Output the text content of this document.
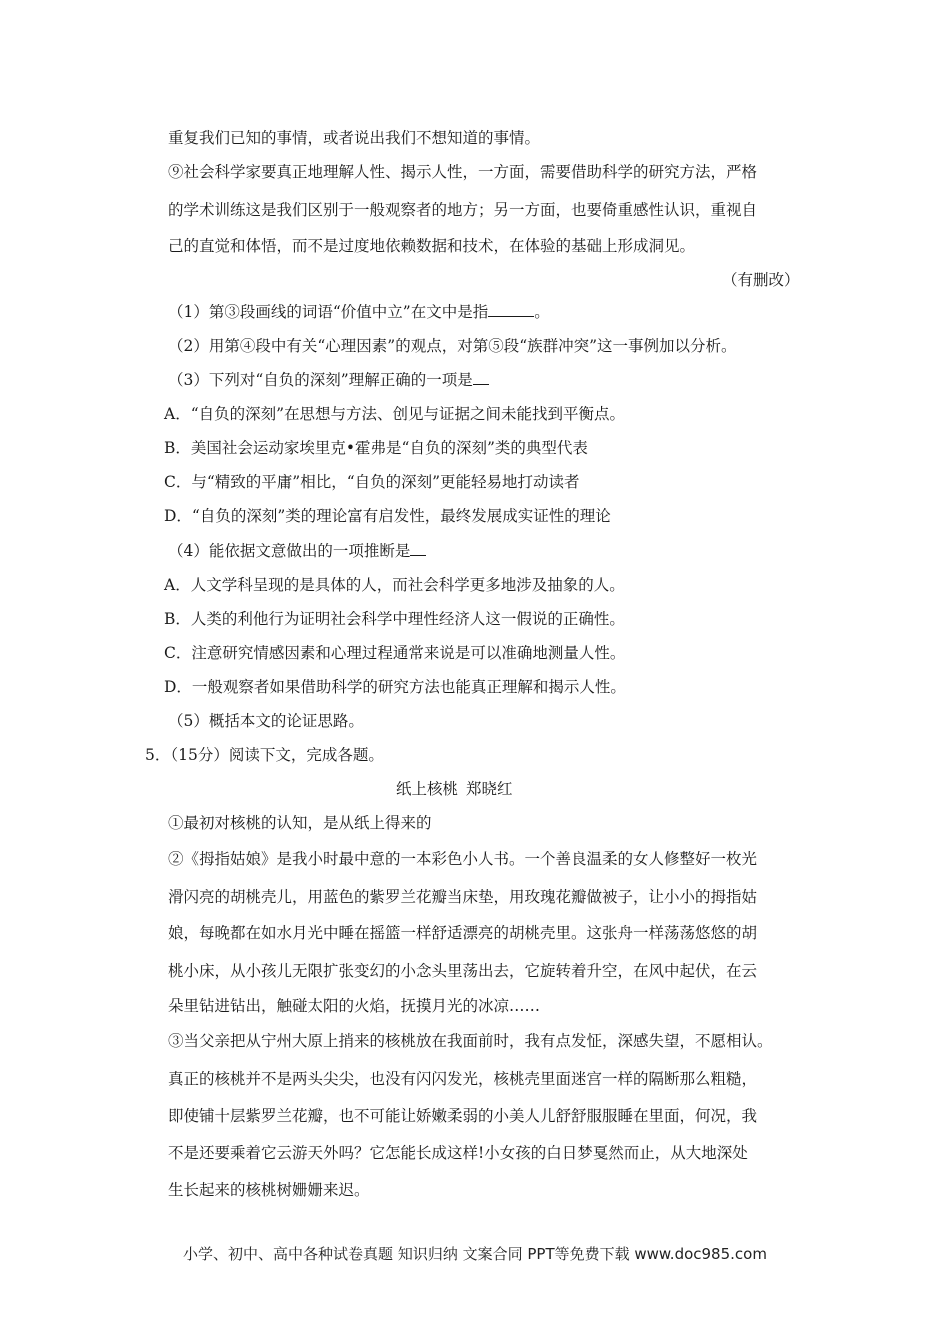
重复我们已知的事情，或者说出我们不想知道的事情。
⑨社会科学家要真正地理解人性、揭示人性，一方面，需要借助科学的研究方法，严格
的学术训练这是我们区别于一般观察者的地方；另一方面，也要倚重感性认识，重视自
己的直觉和体悟，而不是过度地依赖数据和技术，在体验的基础上形成洞见。
（有删改）
（1）第③段画线的词语“价值中立”在文中是指	。
（2）用第④段中有关“心理因素”的观点，对第⑤段“族群冲突”这一事例加以分析。
（3）下列对“自负的深刻”理解正确的一项是
A．“自负的深刻”在思想与方法、创见与证据之间未能找到平衡点。
B．美国社会运动家埃里克•霍弗是“自负的深刻”类的典型代表
C．与“精致的平庸”相比，“自负的深刻”更能轻易地打动读者
D．“自负的深刻”类的理论富有启发性，最终发展成实证性的理论
（4）能依据文意做出的一项推断是
A．人文学科呈现的是具体的人，而社会科学更多地涉及抽象的人。
B．人类的利他行为证明社会科学中理性经济人这一假说的正确性。
C．注意研究情感因素和心理过程通常来说是可以准确地测量人性。
D．一般观察者如果借助科学的研究方法也能真正理解和揭示人性。
（5）概括本文的论证思路。
5．（15分）阅读下文，完成各题。
纸上核桃 郑晓红
①最初对核桃的认知，是从纸上得来的
②《拇指姑娘》是我小时最中意的一本彩色小人书。一个善良温柔的女人修整好一枚光
滑闪亮的胡桃壳儿，用蓝色的紫罗兰花瓣当床垫，用玫瑰花瓣做被子，让小小的拇指姑
娘，每晚都在如水月光中睡在摇篮一样舒适漂亮的胡桃壳里。这张舟一样荡荡悠悠的胡
桃小床，从小孩儿无限扩张变幻的小念头里荡出去，它旋转着升空，在风中起伏，在云
朵里钻进钻出，触碰太阳的火焰，抚摸月光的冰凉……
③当父亲把从宁州大原上捎来的核桃放在我面前时，我有点发怔，深感失望，不愿相认。
真正的核桃并不是两头尖尖，也没有闪闪发光，核桃壳里面迷宫一样的隔断那么粗糙，
即使铺十层紫罗兰花瓣，也不可能让娇嫩柔弱的小美人儿舒舒服服睡在里面，何况，我
不是还要乘着它云游天外吗？它怎能长成这样!小女孩的白日梦戛然而止，从大地深处
生长起来的核桃树姗姗来迟。
小学、初中、高中各种试卷真题 知识归纳 文案合同 PPT等免费下载 www.doc985.com
